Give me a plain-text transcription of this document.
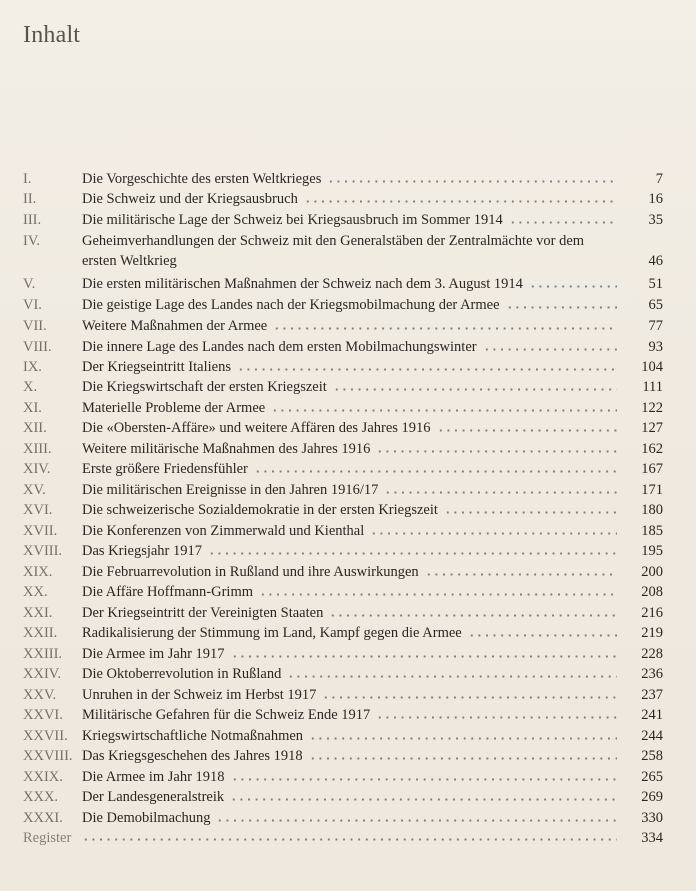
Inhalt
I.	Die Vorgeschichte des ersten Weltkrieges	7
II.	Die Schweiz und der Kriegsausbruch	16
III.	Die militärische Lage der Schweiz bei Kriegsausbruch im Sommer 1914	35
IV.	Geheimverhandlungen der Schweiz mit den Generalstäben der Zentralmächte vor dem
ersten Weltkrieg	46
V.	Die ersten militärischen Maßnahmen der Schweiz nach dem 3. August 1914	51
VI.	Die geistige Lage des Landes nach der Kriegsmobilmachung der Armee	65
VII.	Weitere Maßnahmen der Armee	77
VIII.	Die innere Lage des Landes nach dem ersten Mobilmachungswinter	93
IX.	Der Kriegseintritt Italiens	104
X.	Die Kriegswirtschaft der ersten Kriegszeit	111
XI.	Materielle Probleme der Armee	122
XII.	Die «Obersten-Affäre» und weitere Affären des Jahres 1916	127
XIII.	Weitere militärische Maßnahmen des Jahres 1916	162
XIV.	Erste größere Friedensfühler	167
XV.	Die militärischen Ereignisse in den Jahren 1916/17	171
XVI.	Die schweizerische Sozialdemokratie in der ersten Kriegszeit	180
XVII.	Die Konferenzen von Zimmerwald und Kienthal	185
XVIII.	Das Kriegsjahr 1917	195
XIX.	Die Februarrevolution in Rußland und ihre Auswirkungen	200
XX.	Die Affäre Hoffmann-Grimm	208
XXI.	Der Kriegseintritt der Vereinigten Staaten	216
XXII.	Radikalisierung der Stimmung im Land, Kampf gegen die Armee	219
XXIII.	Die Armee im Jahr 1917	228
XXIV.	Die Oktoberrevolution in Rußland	236
XXV.	Unruhen in der Schweiz im Herbst 1917	237
XXVI.	Militärische Gefahren für die Schweiz Ende 1917	241
XXVII. Kriegswirtschaftliche Notmaßnahmen	244
XXVIII. Das Kriegsgeschehen des Jahres 1918	258
XXIX.	Die Armee im Jahr 1918	265
XXX.	Der Landesgeneralstreik	269
XXXI.	Die Demobilmachung	330
Register	334
